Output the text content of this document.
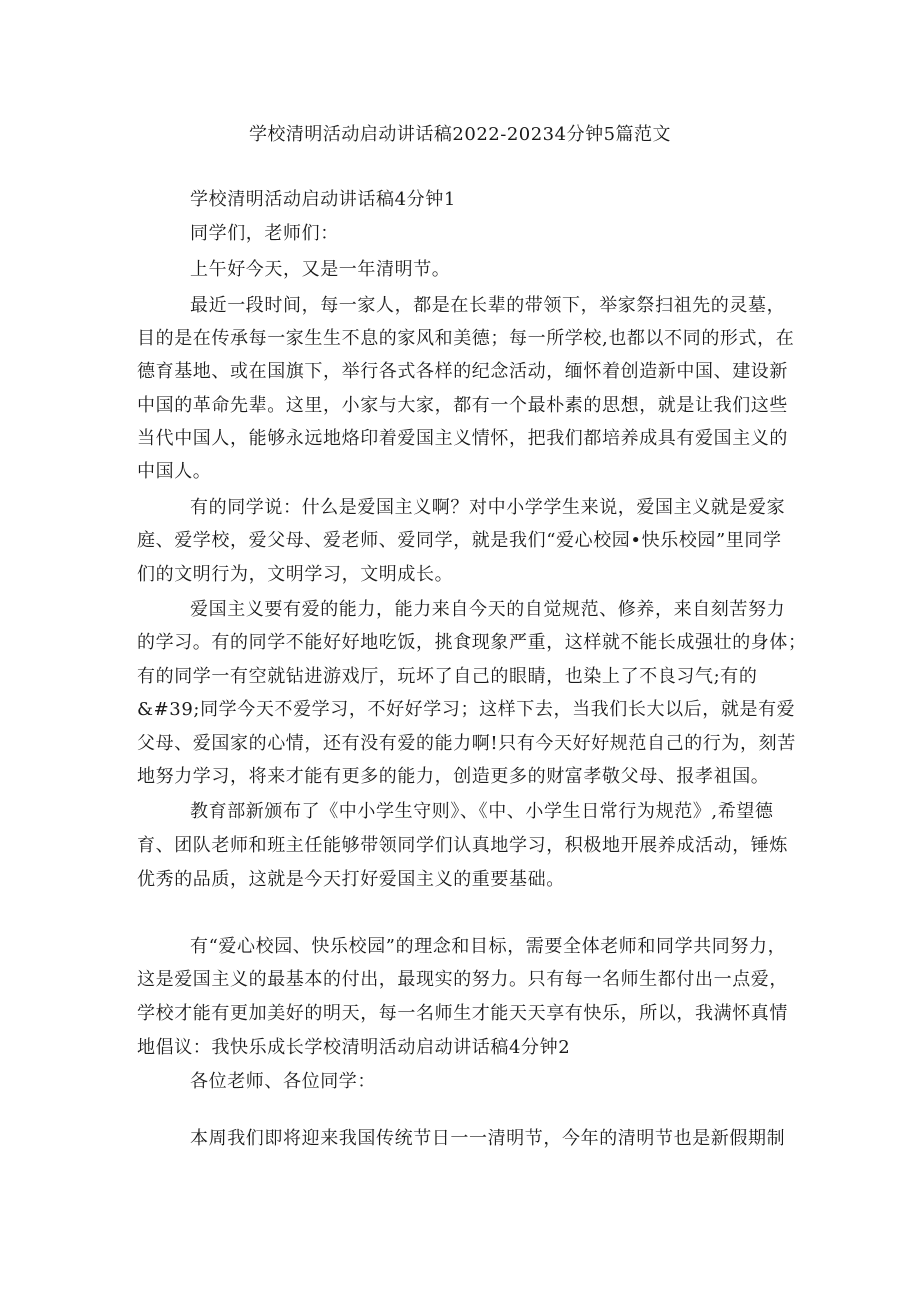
学校清明活动启动讲话稿2022-20234分钟5篇范文
学校清明活动启动讲话稿4分钟1
同学们，老师们：
上午好今天，又是一年清明节。
最近一段时间，每一家人，都是在长辈的带领下，举家祭扫祖先的灵墓，
目的是在传承每一家生生不息的家风和美德；每一所学校,也都以不同的形式，在
德育基地、或在国旗下，举行各式各样的纪念活动，缅怀着创造新中国、建设新
中国的革命先辈。这里，小家与大家，都有一个最朴素的思想，就是让我们这些
当代中国人，能够永远地烙印着爱国主义情怀，把我们都培养成具有爱国主义的
中国人。
有的同学说：什么是爱国主义啊？对中小学学生来说，爱国主义就是爱家
庭、爱学校，爱父母、爱老师、爱同学，就是我们“爱心校园•快乐校园”里同学
们的文明行为，文明学习，文明成长。
爱国主义要有爱的能力，能力来自今天的自觉规范、修养，来自刻苦努力
的学习。有的同学不能好好地吃饭，挑食现象严重，这样就不能长成强壮的身体；
有的同学一有空就钻进游戏厅，玩坏了自己的眼睛，也染上了不良习气;有的
&#39;同学今天不爱学习，不好好学习；这样下去，当我们长大以后，就是有爱
父母、爱国家的心情，还有没有爱的能力啊!只有今天好好规范自己的行为，刻苦
地努力学习，将来才能有更多的能力，创造更多的财富孝敬父母、报孝祖国。
教育部新颁布了《中小学生守则》、《中、小学生日常行为规范》,希望德
育、团队老师和班主任能够带领同学们认真地学习，积极地开展养成活动，锤炼
优秀的品质，这就是今天打好爱国主义的重要基础。
有“爱心校园、快乐校园”的理念和目标，需要全体老师和同学共同努力，
这是爱国主义的最基本的付出，最现实的努力。只有每一名师生都付出一点爱，
学校才能有更加美好的明天，每一名师生才能天天享有快乐，所以，我满怀真情
地倡议：我快乐成长学校清明活动启动讲话稿4分钟2
各位老师、各位同学：
本周我们即将迎来我国传统节日一一清明节，今年的清明节也是新假期制
